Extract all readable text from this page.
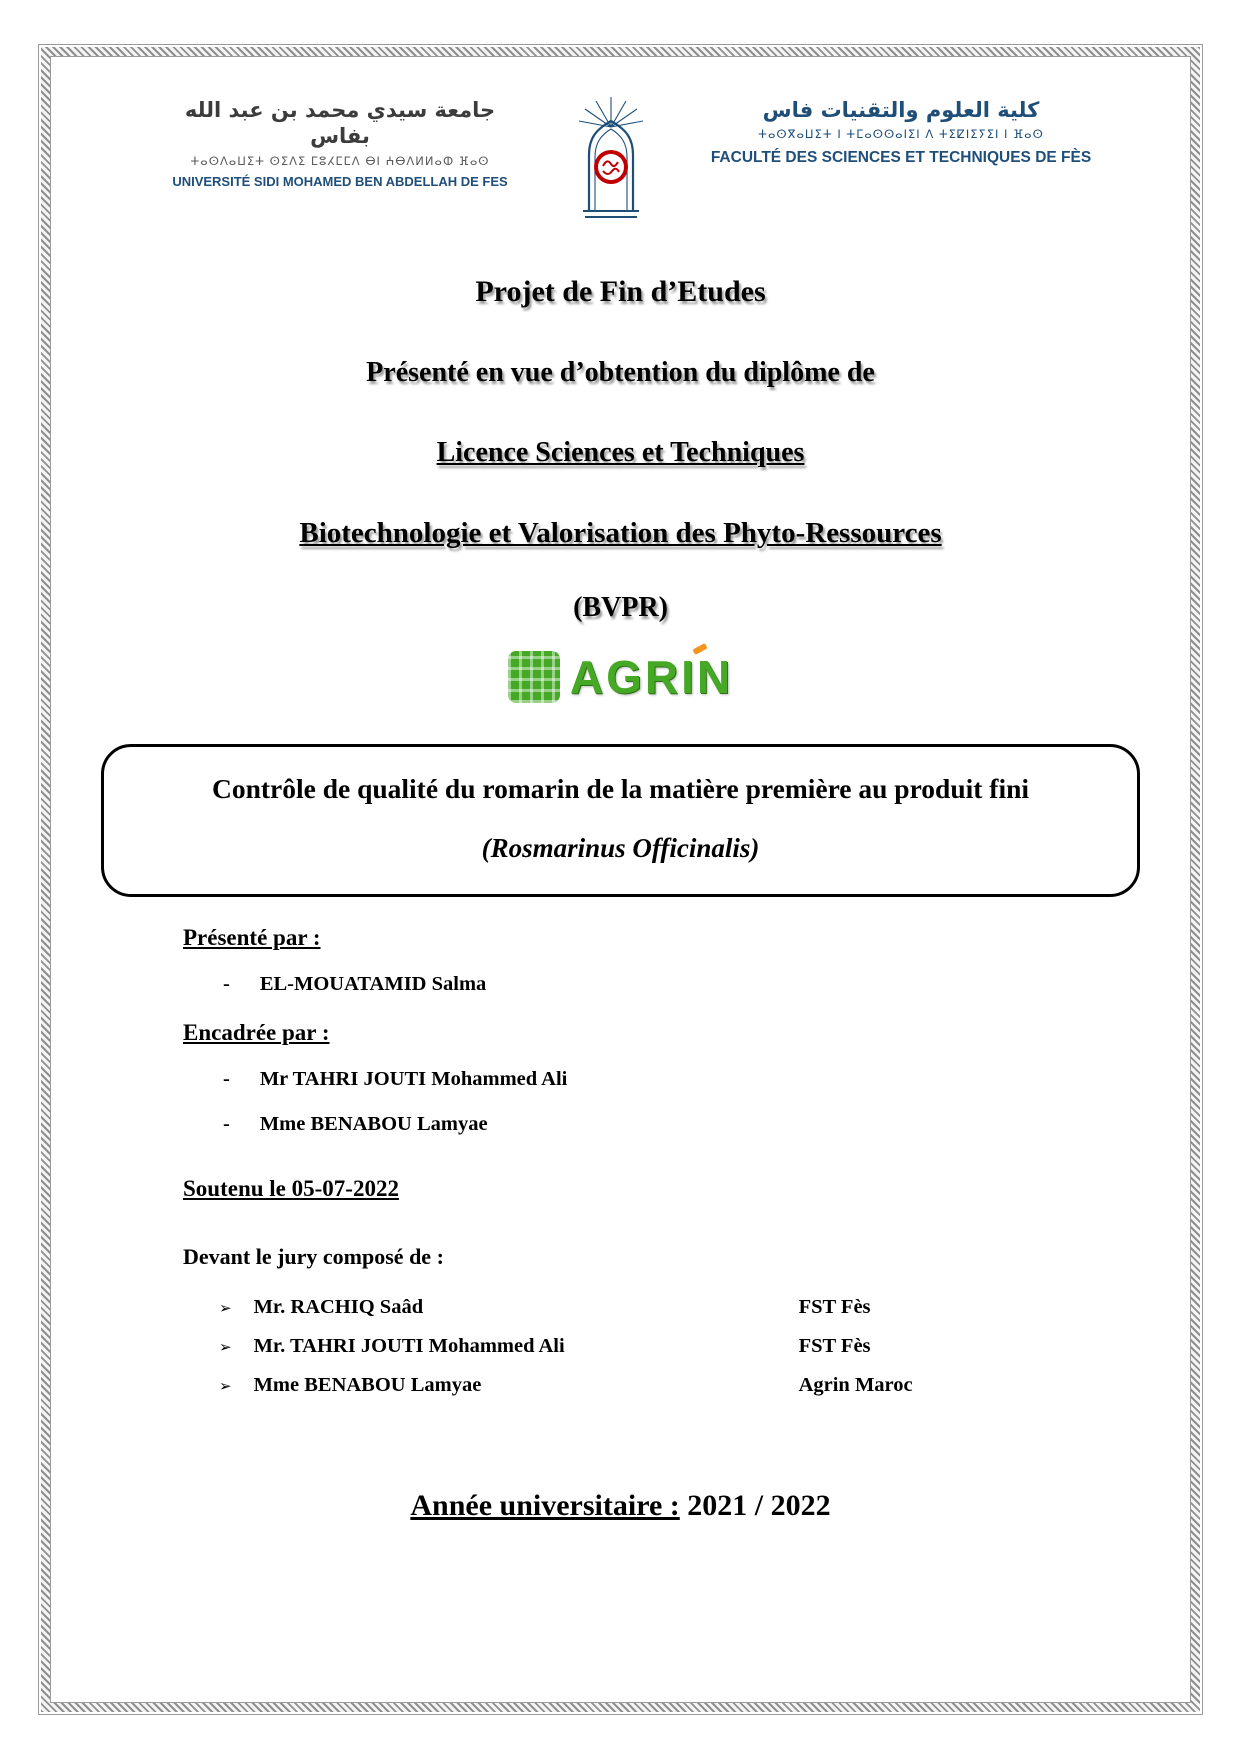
جامعة سيدي محمد بن عبد الله بفاس
ⵜⴰⵙⴷⴰⵡⵉⵜ ⵙⵉⴷⵉ ⵎⵓⵃⵎⵎⴷ ⴱⵏ ⵄⴱⴷⵍⵍⴰⵀ ⴼⴰⵙ
UNIVERSITÉ SIDI MOHAMED BEN ABDELLAH DE FES
كلية العلوم والتقنيات فاس
ⵜⴰⵙⴳⴰⵡⵉⵜ ⵏ ⵜⵎⴰⵙⵙⴰⵏⵉⵏ ⴷ ⵜⵉⵇⵏⵉⵢⵉⵏ ⵏ ⴼⴰⵙ
FACULTÉ DES SCIENCES ET TECHNIQUES DE FÈS
Projet de Fin d’Etudes
Présenté en vue d’obtention du diplôme de
Licence Sciences et Techniques
Biotechnologie et Valorisation des Phyto-Ressources
(BVPR)
AGRIN
Contrôle de qualité du romarin de la matière première au produit fini
(Rosmarinus Officinalis)
Présenté par :
- EL-MOUATAMID Salma
Encadrée par :
- Mr TAHRI JOUTI Mohammed Ali
- Mme BENABOU Lamyae
Soutenu le 05-07-2022
Devant le jury composé de :
➢ Mr. RACHIQ Saâd	FST Fès
➢ Mr. TAHRI JOUTI Mohammed Ali	FST Fès
➢ Mme BENABOU Lamyae	Agrin Maroc
Année universitaire : 2021 / 2022
